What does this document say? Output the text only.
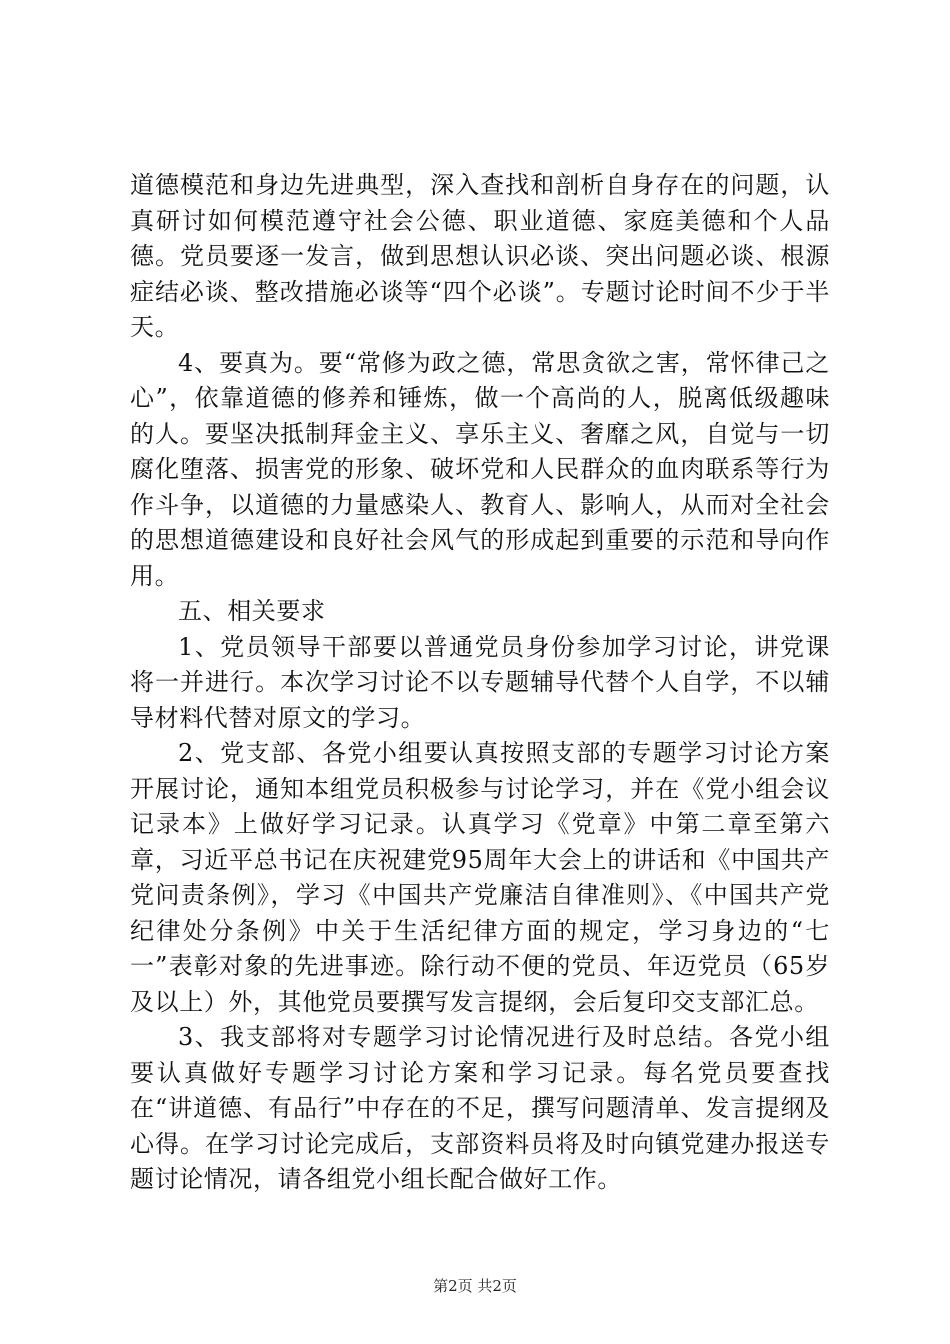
道德模范和身边先进典型，深入查找和剖析自身存在的问题，认真研讨如何模范遵守社会公德、职业道德、家庭美德和个人品德。党员要逐一发言，做到思想认识必谈、突出问题必谈、根源症结必谈、整改措施必谈等“四个必谈”。专题讨论时间不少于半天。

4、要真为。要“常修为政之德，常思贪欲之害，常怀律己之心”，依靠道德的修养和锤炼，做一个高尚的人，脱离低级趣味的人。要坚决抵制拜金主义、享乐主义、奢靡之风，自觉与一切腐化堕落、损害党的形象、破坏党和人民群众的血肉联系等行为作斗争，以道德的力量感染人、教育人、影响人，从而对全社会的思想道德建设和良好社会风气的形成起到重要的示范和导向作用。

五、相关要求

1、党员领导干部要以普通党员身份参加学习讨论，讲党课将一并进行。本次学习讨论不以专题辅导代替个人自学，不以辅导材料代替对原文的学习。

2、党支部、各党小组要认真按照支部的专题学习讨论方案开展讨论，通知本组党员积极参与讨论学习，并在《党小组会议记录本》上做好学习记录。认真学习《党章》中第二章至第六章，习近平总书记在庆祝建党95周年大会上的讲话和《中国共产党问责条例》，学习《中国共产党廉洁自律准则》、《中国共产党纪律处分条例》中关于生活纪律方面的规定，学习身边的“七一”表彰对象的先进事迹。除行动不便的党员、年迈党员（65岁及以上）外，其他党员要撰写发言提纲，会后复印交支部汇总。

3、我支部将对专题学习讨论情况进行及时总结。各党小组要认真做好专题学习讨论方案和学习记录。每名党员要查找在“讲道德、有品行”中存在的不足，撰写问题清单、发言提纲及心得。在学习讨论完成后，支部资料员将及时向镇党建办报送专题讨论情况，请各组党小组长配合做好工作。

第2页 共2页
